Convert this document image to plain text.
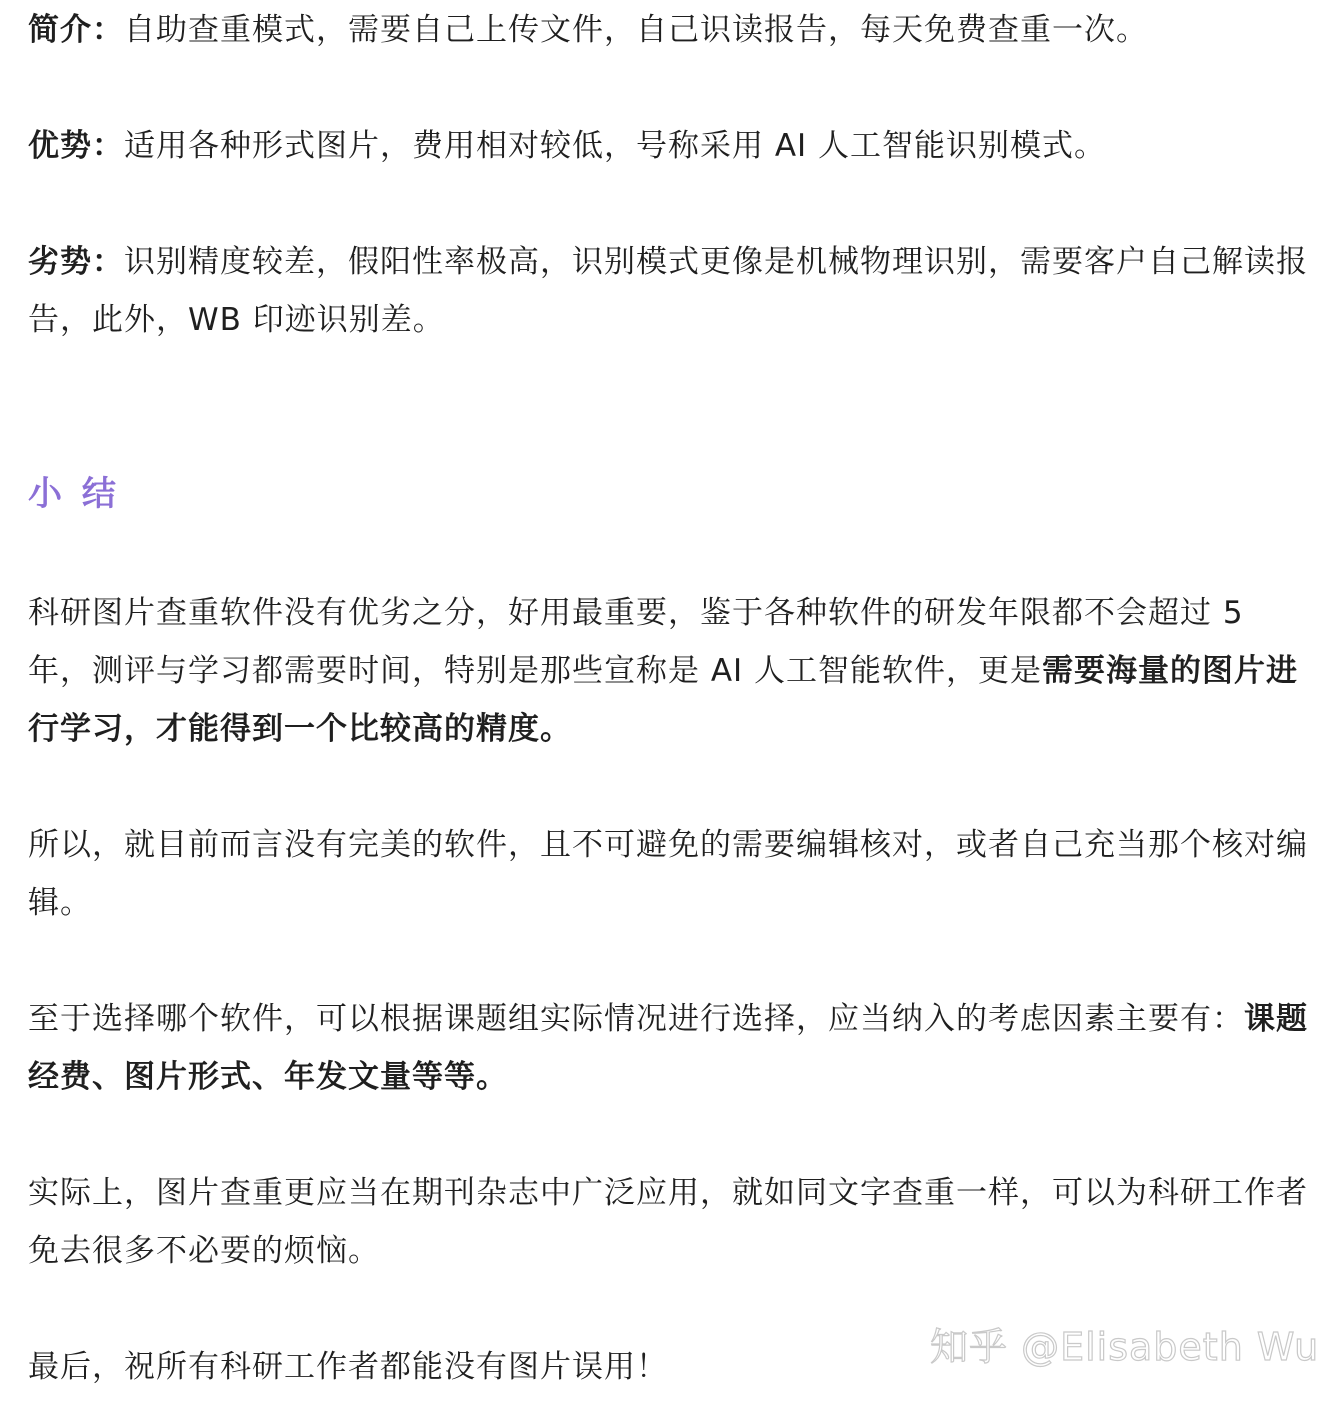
简介：自助查重模式，需要自己上传文件，自己识读报告，每天免费查重一次。

优势：适用各种形式图片，费用相对较低，号称采用 AI 人工智能识别模式。

劣势：识别精度较差，假阳性率极高，识别模式更像是机械物理识别，需要客户自己解读报告，此外，WB 印迹识别差。

小 结

科研图片查重软件没有优劣之分，好用最重要，鉴于各种软件的研发年限都不会超过 5 年，测评与学习都需要时间，特别是那些宣称是 AI 人工智能软件，更是需要海量的图片进行学习，才能得到一个比较高的精度。

所以，就目前而言没有完美的软件，且不可避免的需要编辑核对，或者自己充当那个核对编辑。

至于选择哪个软件，可以根据课题组实际情况进行选择，应当纳入的考虑因素主要有：课题经费、图片形式、年发文量等等。

实际上，图片查重更应当在期刊杂志中广泛应用，就如同文字查重一样，可以为科研工作者免去很多不必要的烦恼。

最后，祝所有科研工作者都能没有图片误用！	知乎 @Elisabeth Wu
